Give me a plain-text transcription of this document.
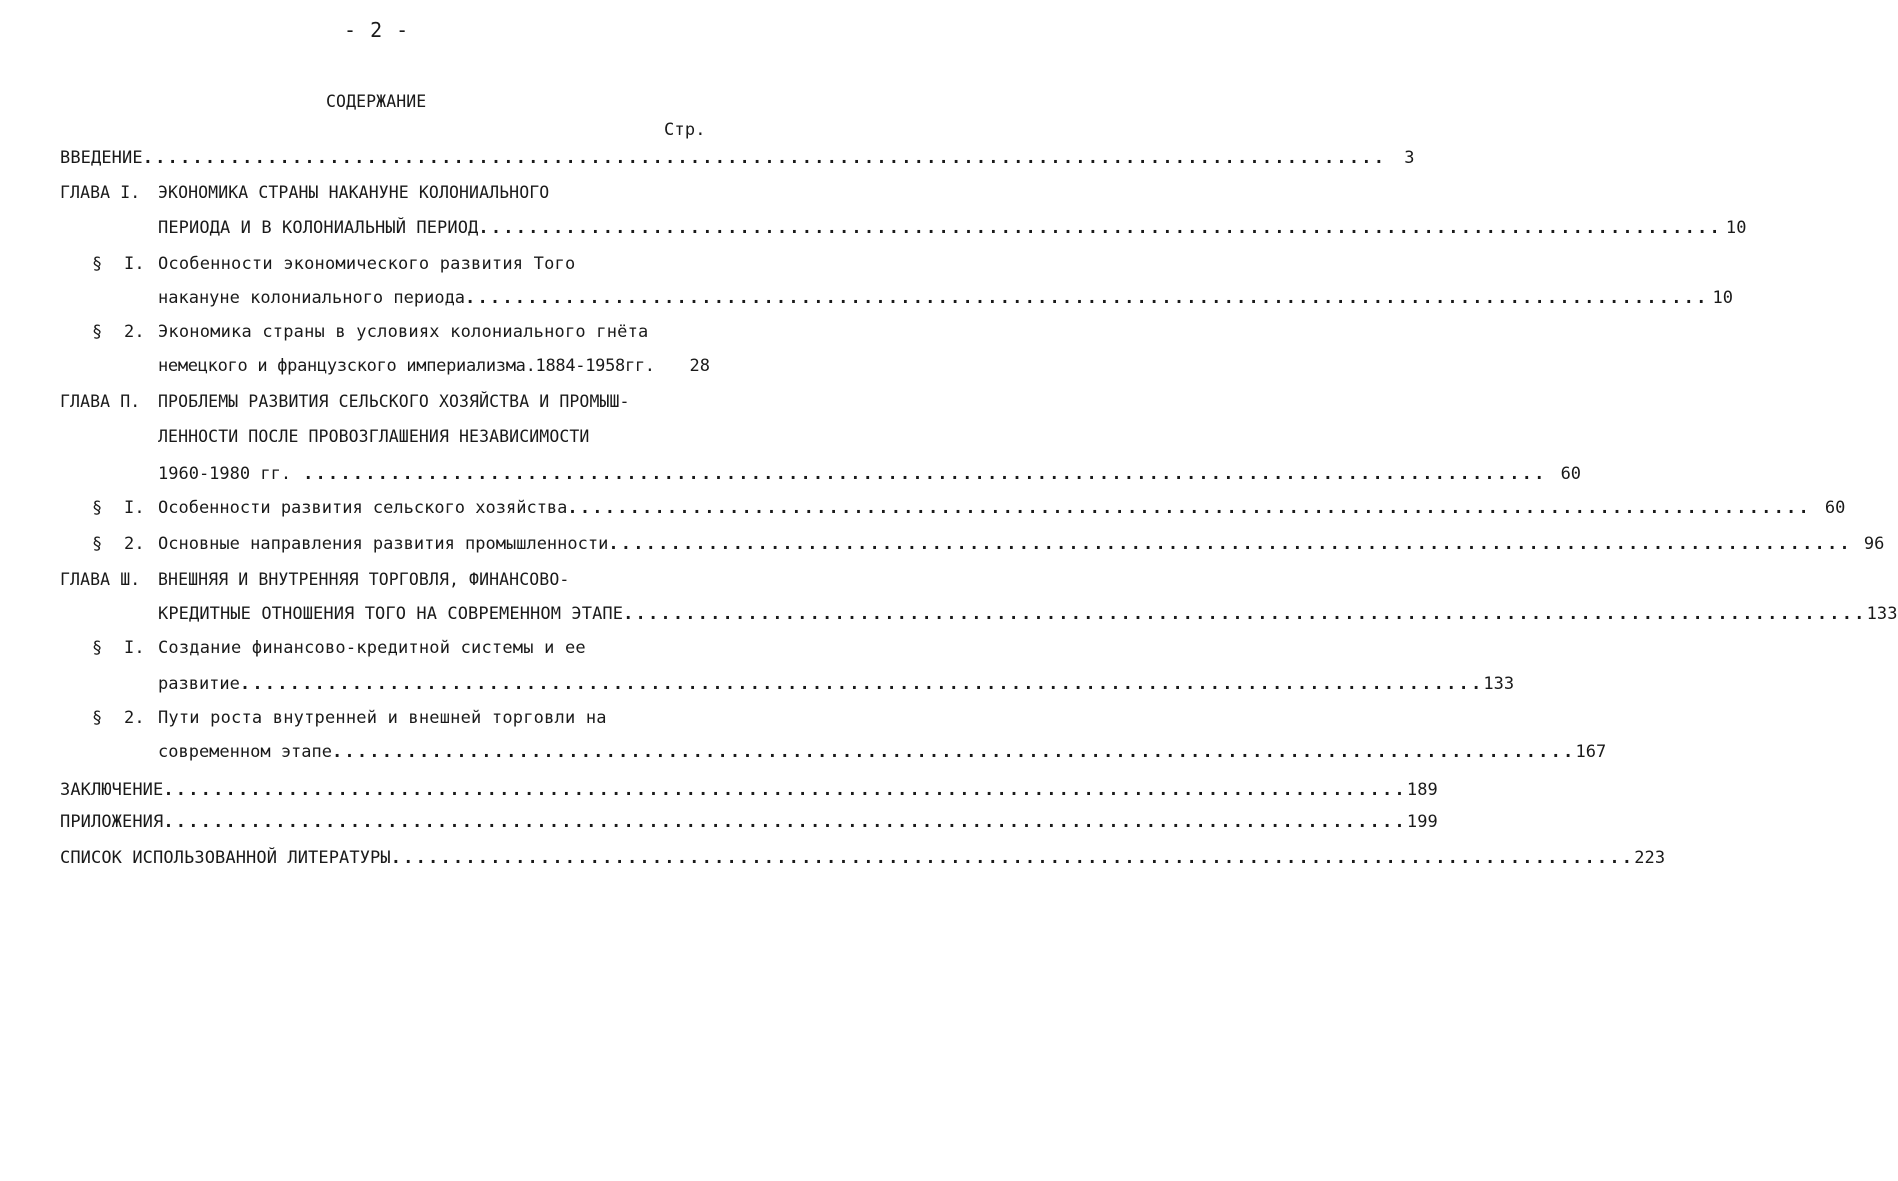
- 2 -
СОДЕРЖАНИЕ
Стр.
ВВЕДЕНИЕ ....................................................................................................	3
ГЛАВА I. ЭКОНОМИКА СТРАНЫ НАКАНУНЕ КОЛОНИАЛЬНОГО
ПЕРИОДА И В КОЛОНИАЛЬНЫЙ ПЕРИОД .................................................................................................... 10
§ I. Особенности экономического развития Того
накануне колониального периода .................................................................................................... 10
§ 2. Экономика страны в условиях колониального гнёта
немецкого и французского империализма.1884-1958гг. 28
ГЛАВА П. ПРОБЛЕМЫ РАЗВИТИЯ СЕЛЬСКОГО ХОЗЯЙСТВА И ПРОМЫШ-
ЛЕННОСТИ ПОСЛЕ ПРОВОЗГЛАШЕНИЯ НЕЗАВИСИМОСТИ
1960-1980 гг. .................................................................................................... 60
Особенности развития сельского хозяйства .................................................................................................... 60
§ I.
Основные направления развития промышленности .................................................................................................... 96
§ 2.
ГЛАВА Ш. ВНЕШНЯЯ И ВНУТРЕННЯЯ ТОРГОВЛЯ, ФИНАНСОВО-
КРЕДИТНЫЕ ОТНОШЕНИЯ ТОГО НА СОВРЕМЕННОМ ЭТАПЕ .................................................................................................... 133
§ I. Создание финансово-кредитной системы и ее
развитие .................................................................................................... 133
§ 2. Пути роста внутренней и внешней торговли на
современном этапе .................................................................................................... 167
ЗАКЛЮЧЕНИЕ .................................................................................................... 189
ПРИЛОЖЕНИЯ .................................................................................................... 199
СПИСОК ИСПОЛЬЗОВАННОЙ ЛИТЕРАТУРЫ .................................................................................................... 223
